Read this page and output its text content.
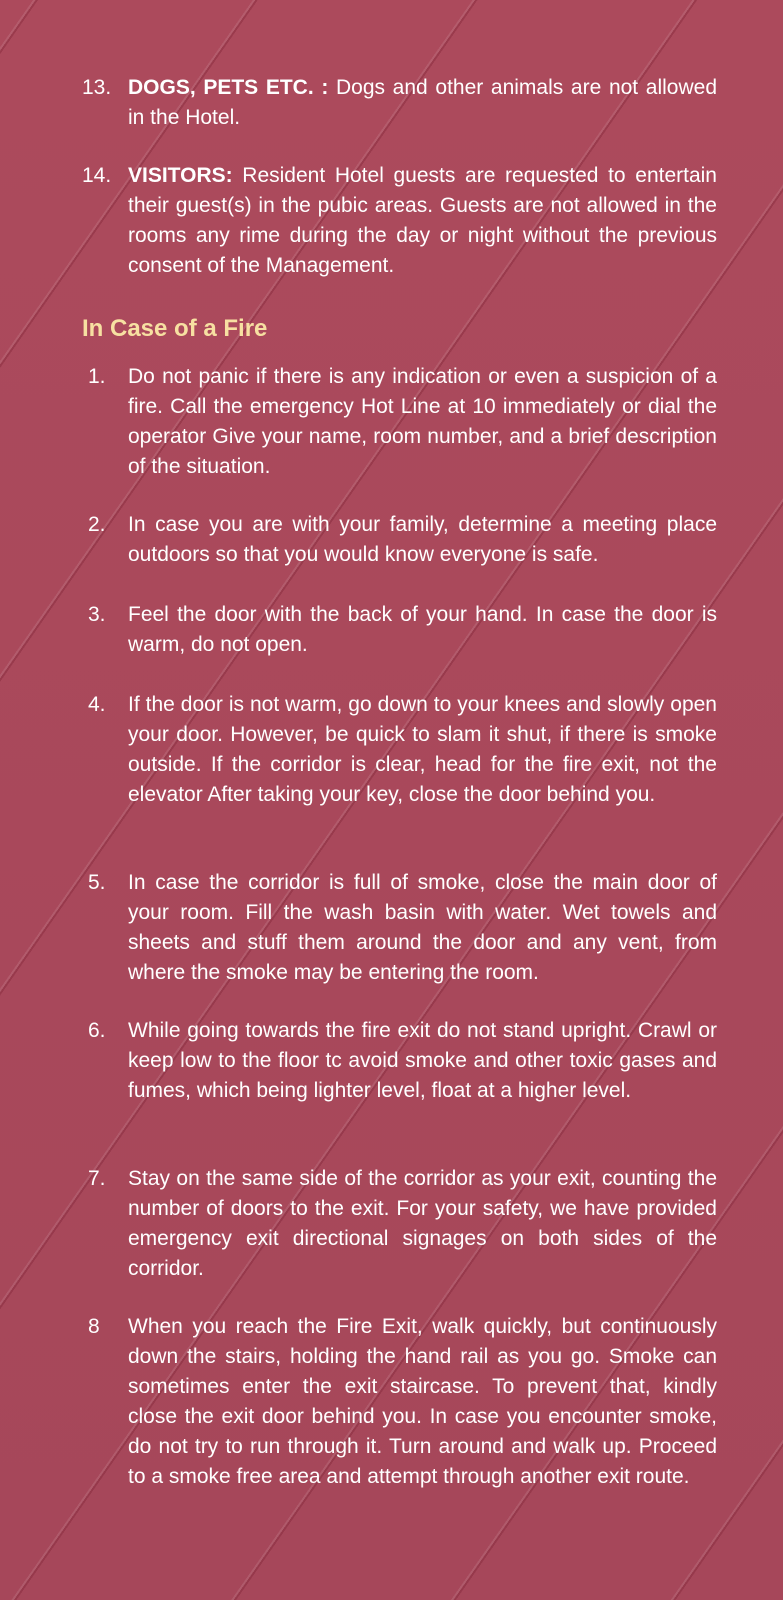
13. DOGS, PETS ETC. : Dogs and other animals are not allowed in the Hotel.
14. VISITORS: Resident Hotel guests are requested to entertain their guest(s) in the pubic areas. Guests are not allowed in the rooms any rime during the day or night without the previous consent of the Management.
In Case of a Fire
1.	Do not panic if there is any indication or even a suspicion of a fire. Call the emergency Hot Line at 10 immediately or dial the operator Give your name, room number, and a brief description of the situation.
2.	In case you are with your family, determine a meeting place outdoors so that you would know everyone is safe.
3.	Feel the door with the back of your hand. In case the door is warm, do not open.
4.	If the door is not warm, go down to your knees and slowly open your door. However, be quick to slam it shut, if there is smoke outside. If the corridor is clear, head for the fire exit, not the elevator After taking your key, close the door behind you.
5.	In case the corridor is full of smoke, close the main door of your room. Fill the wash basin with water. Wet towels and sheets and stuff them around the door and any vent, from where the smoke may be entering the room.
6.	While going towards the fire exit do not stand upright. Crawl or keep low to the floor tc avoid smoke and other toxic gases and fumes, which being lighter level, float at a higher level.
7.	Stay on the same side of the corridor as your exit, counting the number of doors to the exit. For your safety, we have provided emergency exit directional signages on both sides of the corridor.
8	When you reach the Fire Exit, walk quickly, but continuously down the stairs, holding the hand rail as you go. Smoke can sometimes enter the exit staircase. To prevent that, kindly close the exit door behind you. In case you encounter smoke, do not try to run through it. Turn around and walk up. Proceed to a smoke free area and attempt through another exit route.
